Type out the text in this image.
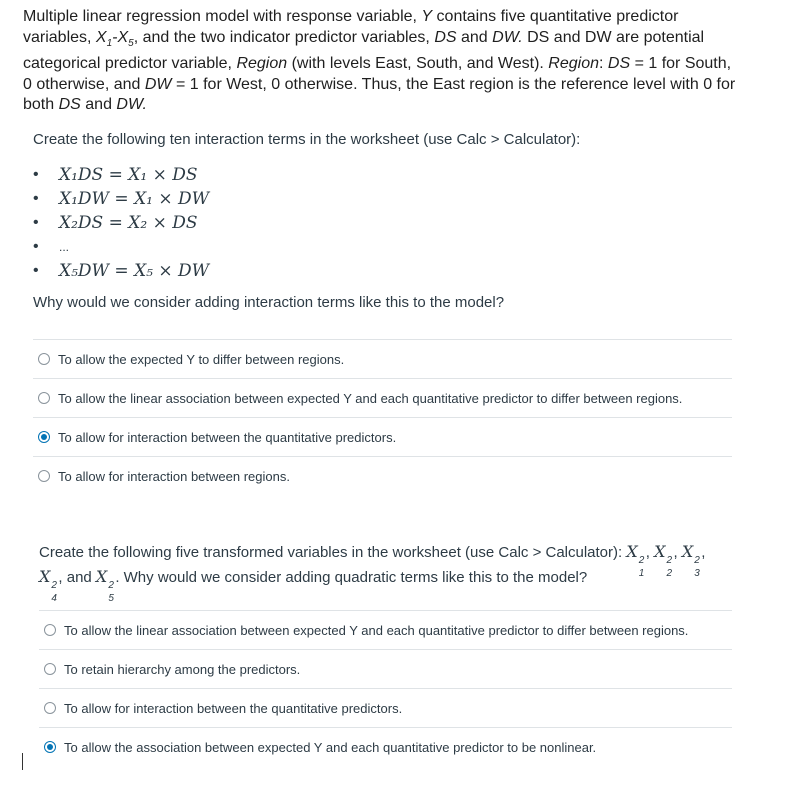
Multiple linear regression model with response variable, Y contains five quantitative predictor variables, $X_1-X_5$, and the two indicator predictor variables, DS and DW. DS and DW are potential categorical predictor variable, Region (with levels East, South, and West). Region: DS = 1 for South, 0 otherwise, and DW = 1 for West, 0 otherwise. Thus, the East region is the reference level with 0 for both DS and DW.
Create the following ten interaction terms in the worksheet (use Calc > Calculator):
• X₁DS = X₁ × DS
• X₁DW = X₁ × DW
• X₂DS = X₂ × DS
• ...
• X₅DW = X₅ × DW
Why would we consider adding interaction terms like this to the model?
To allow the expected Y to differ between regions.
To allow the linear association between expected Y and each quantitative predictor to differ between regions.
To allow for interaction between the quantitative predictors.
To allow for interaction between regions.
Create the following five transformed variables in the worksheet (use Calc > Calculator): X 2
1
, X 2
2
, X 2
3
,
X 2
4
, and X 2
5
. Why would we consider adding quadratic terms like this to the model?
To allow the linear association between expected Y and each quantitative predictor to differ between regions.
To retain hierarchy among the predictors.
To allow for interaction between the quantitative predictors.
To allow the association between expected Y and each quantitative predictor to be nonlinear.
